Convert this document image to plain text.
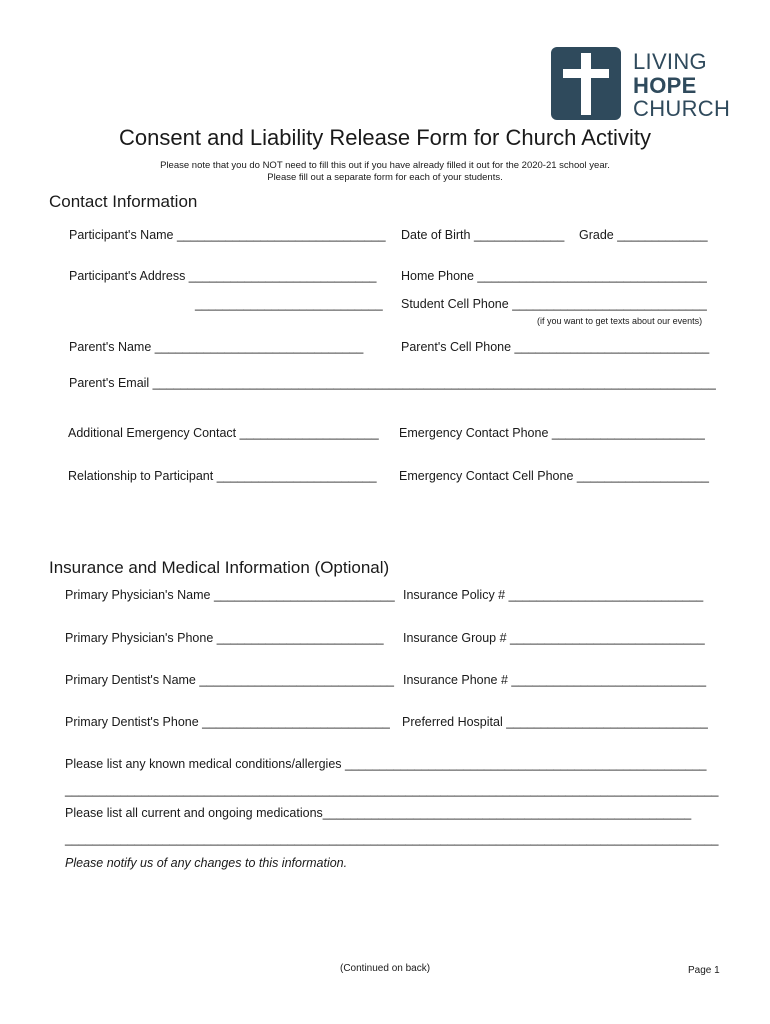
LIVING
HOPE
CHURCH
Consent and Liability Release Form for Church Activity
Please note that you do NOT need to fill this out if you have already filled it out for the 2020-21 school year.
Please fill out a separate form for each of your students.
Contact Information
Participant's Name ______________________________ Date of Birth _____________ Grade _____________
Participant's Address ___________________________ Home Phone _________________________________
___________________________ Student Cell Phone ____________________________
(if you want to get texts about our events)
Parent's Name ______________________________	Parent's Cell Phone ____________________________
Parent's Email _________________________________________________________________________________
Additional Emergency Contact ____________________ Emergency Contact Phone ______________________
Relationship to Participant _______________________ Emergency Contact Cell Phone ___________________
Insurance and Medical Information (Optional)
Primary Physician's Name __________________________ Insurance Policy # ____________________________
Primary Physician's Phone ________________________ Insurance Group # ____________________________
Primary Dentist's Name ____________________________ Insurance Phone # ____________________________
Primary Dentist's Phone ___________________________ Preferred Hospital _____________________________
Please list any known medical conditions/allergies ____________________________________________________
______________________________________________________________________________________________
Please list all current and ongoing medications_____________________________________________________
______________________________________________________________________________________________
Please notify us of any changes to this information.
(Continued on back)	Page 1
